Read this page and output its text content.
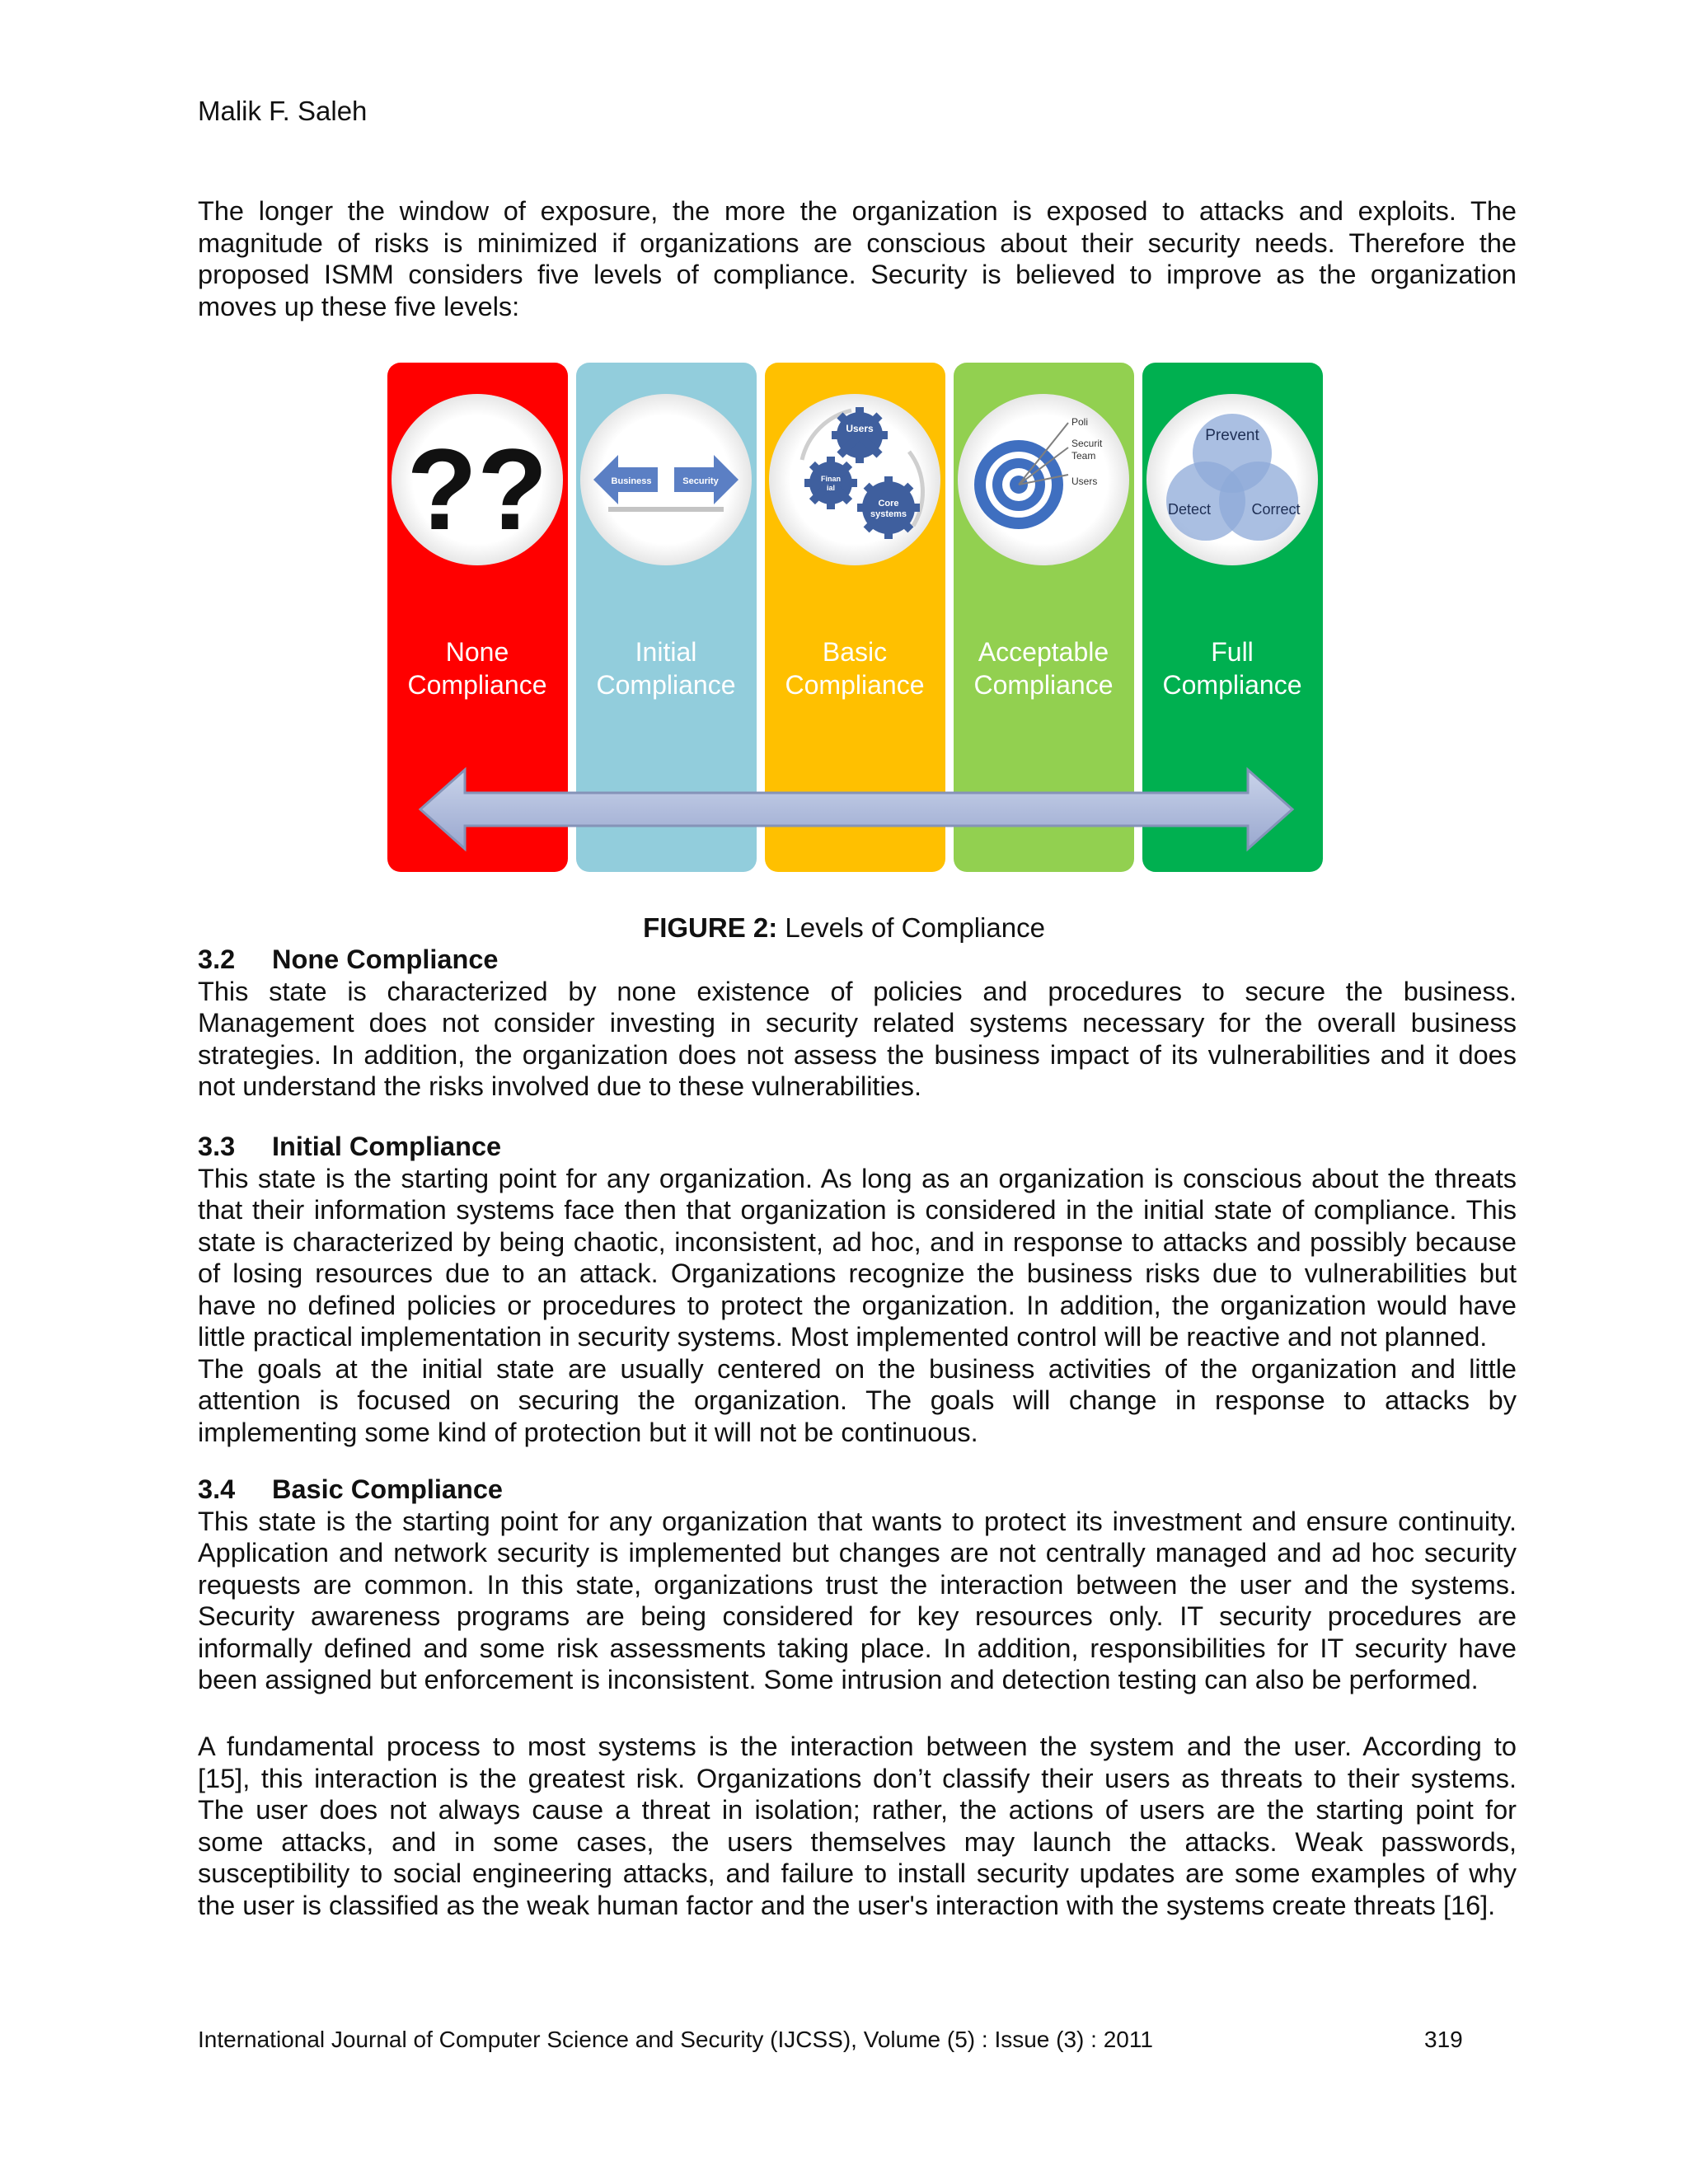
Malik F. Saleh
The longer the window of exposure, the more the organization is exposed to attacks and exploits. The
magnitude of risks is minimized if organizations are conscious about their security needs. Therefore the
proposed ISMM considers five levels of compliance. Security is believed to improve as the organization
moves up these five levels:
??	Business	Security
Users
Finan
ial
Core
systems
Poli
Securit
Team
Users
Prevent
Detect	Correct
None
Compliance
Initial
Compliance
Basic
Compliance
Acceptable
Compliance
Full
Compliance
FIGURE 2: Levels of Compliance
3.2 None Compliance
This state is characterized by none existence of policies and procedures to secure the business.
Management does not consider investing in security related systems necessary for the overall business
strategies. In addition, the organization does not assess the business impact of its vulnerabilities and it does
not understand the risks involved due to these vulnerabilities.
3.3 Initial Compliance
This state is the starting point for any organization. As long as an organization is conscious about the threats
that their information systems face then that organization is considered in the initial state of compliance. This
state is characterized by being chaotic, inconsistent, ad hoc, and in response to attacks and possibly because
of losing resources due to an attack. Organizations recognize the business risks due to vulnerabilities but
have no defined policies or procedures to protect the organization. In addition, the organization would have
little practical implementation in security systems. Most implemented control will be reactive and not planned.
The goals at the initial state are usually centered on the business activities of the organization and little
attention is focused on securing the organization. The goals will change in response to attacks by
implementing some kind of protection but it will not be continuous.
3.4 Basic Compliance
This state is the starting point for any organization that wants to protect its investment and ensure continuity.
Application and network security is implemented but changes are not centrally managed and ad hoc security
requests are common. In this state, organizations trust the interaction between the user and the systems.
Security awareness programs are being considered for key resources only. IT security procedures are
informally defined and some risk assessments taking place. In addition, responsibilities for IT security have
been assigned but enforcement is inconsistent. Some intrusion and detection testing can also be performed.
A fundamental process to most systems is the interaction between the system and the user. According to
[15], this interaction is the greatest risk. Organizations don’t classify their users as threats to their systems.
The user does not always cause a threat in isolation; rather, the actions of users are the starting point for
some attacks, and in some cases, the users themselves may launch the attacks. Weak passwords,
susceptibility to social engineering attacks, and failure to install security updates are some examples of why
the user is classified as the weak human factor and the user's interaction with the systems create threats [16].
International Journal of Computer Science and Security (IJCSS), Volume (5) : Issue (3) : 2011	319
